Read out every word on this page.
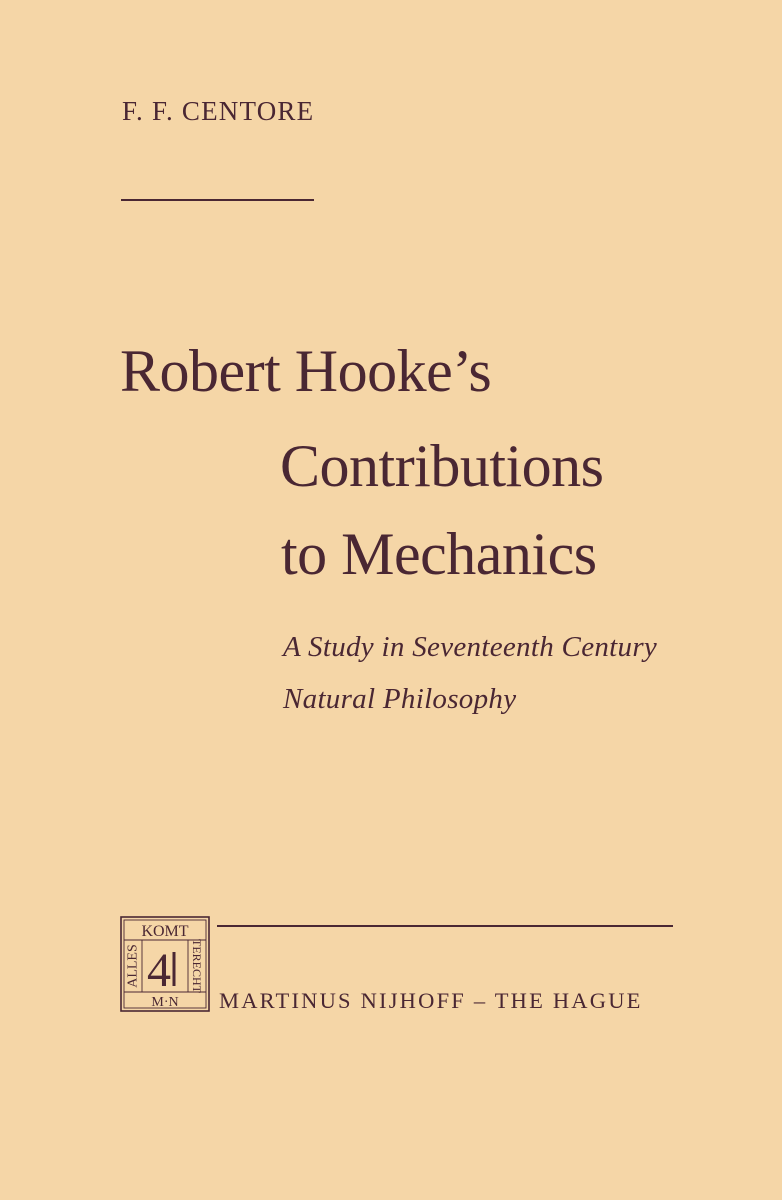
F. F. CENTORE
Robert Hooke’s
Contributions
to Mechanics
A Study in Seventeenth Century
Natural Philosophy
KOMT
ALLES	TERECHT
4
M·N MARTINUS NIJHOFF – THE HAGUE
